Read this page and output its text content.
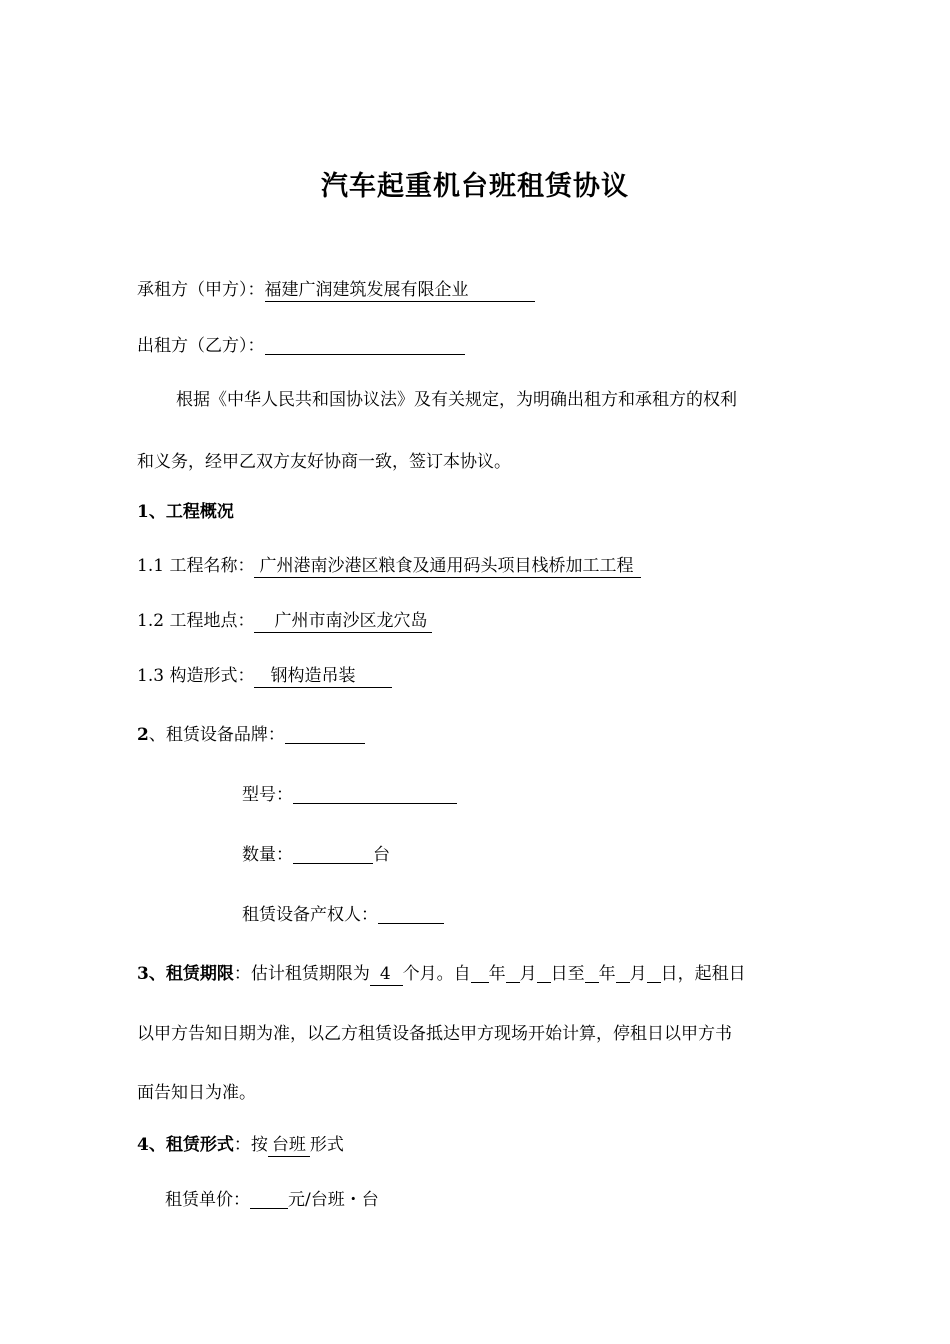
汽车起重机台班租赁协议
承租方（甲方）：福建广润建筑发展有限企业
出租方（乙方）：
根据《中华人民共和国协议法》及有关规定，为明确出租方和承租方的权利
和义务，经甲乙双方友好协商一致，签订本协议。
1、工程概况
1.1 工程名称： 广州港南沙港区粮食及通用码头项目栈桥加工工程
1.2 工程地点： 广州市南沙区龙穴岛
1.3 构造形式： 钢构造吊装
2、租赁设备品牌：
型号：
数量：	台
租赁设备产权人：
3、租赁期限：估计租赁期限为 4 个月。自 年 月 日至 年 月 日，起租日
以甲方告知日期为准，以乙方租赁设备抵达甲方现场开始计算，停租日以甲方书
面告知日为准。
4、租赁形式：按 台班 形式
租赁单价： 元/台班・台
